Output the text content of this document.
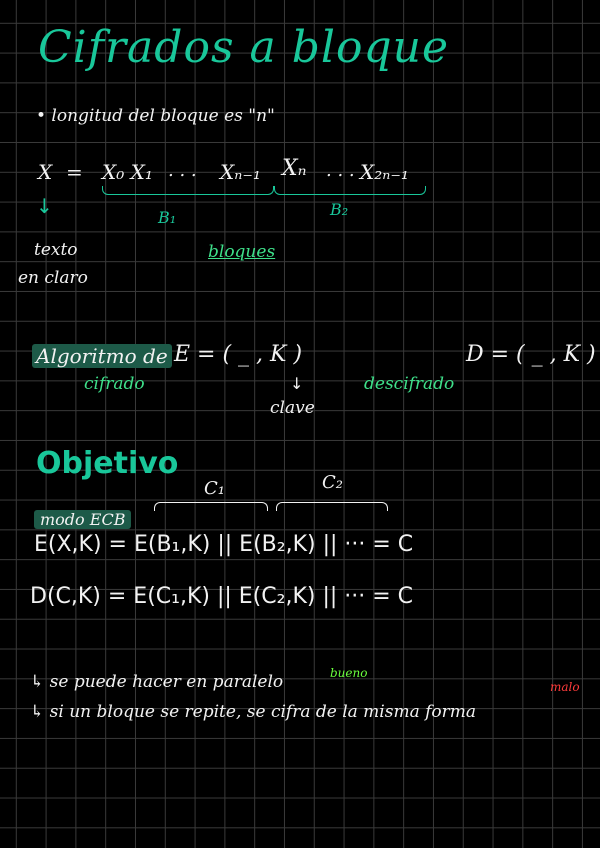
Cifrados a bloque
• longitud del bloque es "n"
X = X₀ X₁ . . . Xₙ₋₁ Xₙ . . . X₂ₙ₋₁
↓	B₁	B₂
texto
en claro
bloques
Algoritmo de
cifrado
E = ( _ , K )
↓
clave
descifrado
D = ( _ , K )
Objetivo
C₁	C₂
modo ECB
E(X,K) = E(B₁,K) || E(B₂,K) || ··· = C
D(C,K) = E(C₁,K) || E(C₂,K) || ··· = C
↳ se puede hacer en paralelo	bueno
↳ si un bloque se repite, se cifra de la misma forma
malo
